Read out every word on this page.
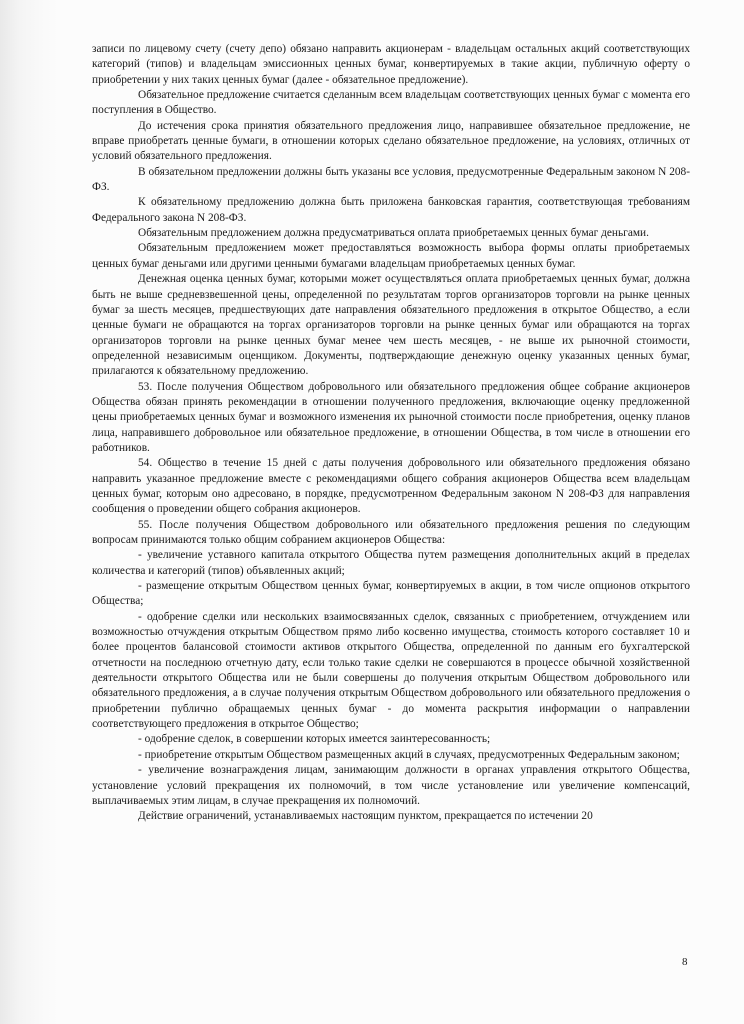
записи по лицевому счету (счету депо) обязано направить акционерам - владельцам остальных акций соответствующих категорий (типов) и владельцам эмиссионных ценных бумаг, конвертируемых в такие акции, публичную оферту о приобретении у них таких ценных бумаг (далее - обязательное предложение).

Обязательное предложение считается сделанным всем владельцам соответствующих ценных бумаг с момента его поступления в Общество.

До истечения срока принятия обязательного предложения лицо, направившее обязательное предложение, не вправе приобретать ценные бумаги, в отношении которых сделано обязательное предложение, на условиях, отличных от условий обязательного предложения.

В обязательном предложении должны быть указаны все условия, предусмотренные Федеральным законом N 208-ФЗ.

К обязательному предложению должна быть приложена банковская гарантия, соответствующая требованиям Федерального закона N 208-ФЗ.

Обязательным предложением должна предусматриваться оплата приобретаемых ценных бумаг деньгами.

Обязательным предложением может предоставляться возможность выбора формы оплаты приобретаемых ценных бумаг деньгами или другими ценными бумагами владельцам приобретаемых ценных бумаг.

Денежная оценка ценных бумаг, которыми может осуществляться оплата приобретаемых ценных бумаг, должна быть не выше средневзвешенной цены, определенной по результатам торгов организаторов торговли на рынке ценных бумаг за шесть месяцев, предшествующих дате направления обязательного предложения в открытое Общество, а если ценные бумаги не обращаются на торгах организаторов торговли на рынке ценных бумаг или обращаются на торгах организаторов торговли на рынке ценных бумаг менее чем шесть месяцев, - не выше их рыночной стоимости, определенной независимым оценщиком. Документы, подтверждающие денежную оценку указанных ценных бумаг, прилагаются к обязательному предложению.

53. После получения Обществом добровольного или обязательного предложения общее собрание акционеров Общества обязан принять рекомендации в отношении полученного предложения, включающие оценку предложенной цены приобретаемых ценных бумаг и возможного изменения их рыночной стоимости после приобретения, оценку планов лица, направившего добровольное или обязательное предложение, в отношении Общества, в том числе в отношении его работников.

54. Общество в течение 15 дней с даты получения добровольного или обязательного предложения обязано направить указанное предложение вместе с рекомендациями общего собрания акционеров Общества всем владельцам ценных бумаг, которым оно адресовано, в порядке, предусмотренном Федеральным законом N 208-ФЗ для направления сообщения о проведении общего собрания акционеров.

55. После получения Обществом добровольного или обязательного предложения решения по следующим вопросам принимаются только общим собранием акционеров Общества:

- увеличение уставного капитала открытого Общества путем размещения дополнительных акций в пределах количества и категорий (типов) объявленных акций;

- размещение открытым Обществом ценных бумаг, конвертируемых в акции, в том числе опционов открытого Общества;

- одобрение сделки или нескольких взаимосвязанных сделок, связанных с приобретением, отчуждением или возможностью отчуждения открытым Обществом прямо либо косвенно имущества, стоимость которого составляет 10 и более процентов балансовой стоимости активов открытого Общества, определенной по данным его бухгалтерской отчетности на последнюю отчетную дату, если только такие сделки не совершаются в процессе обычной хозяйственной деятельности открытого Общества или не были совершены до получения открытым Обществом добровольного или обязательного предложения, а в случае получения открытым Обществом добровольного или обязательного предложения о приобретении публично обращаемых ценных бумаг - до момента раскрытия информации о направлении соответствующего предложения в открытое Общество;

- одобрение сделок, в совершении которых имеется заинтересованность;

- приобретение открытым Обществом размещенных акций в случаях, предусмотренных Федеральным законом;

- увеличение вознаграждения лицам, занимающим должности в органах управления открытого Общества, установление условий прекращения их полномочий, в том числе установление или увеличение компенсаций, выплачиваемых этим лицам, в случае прекращения их полномочий.

Действие ограничений, устанавливаемых настоящим пунктом, прекращается по истечении 20

8
